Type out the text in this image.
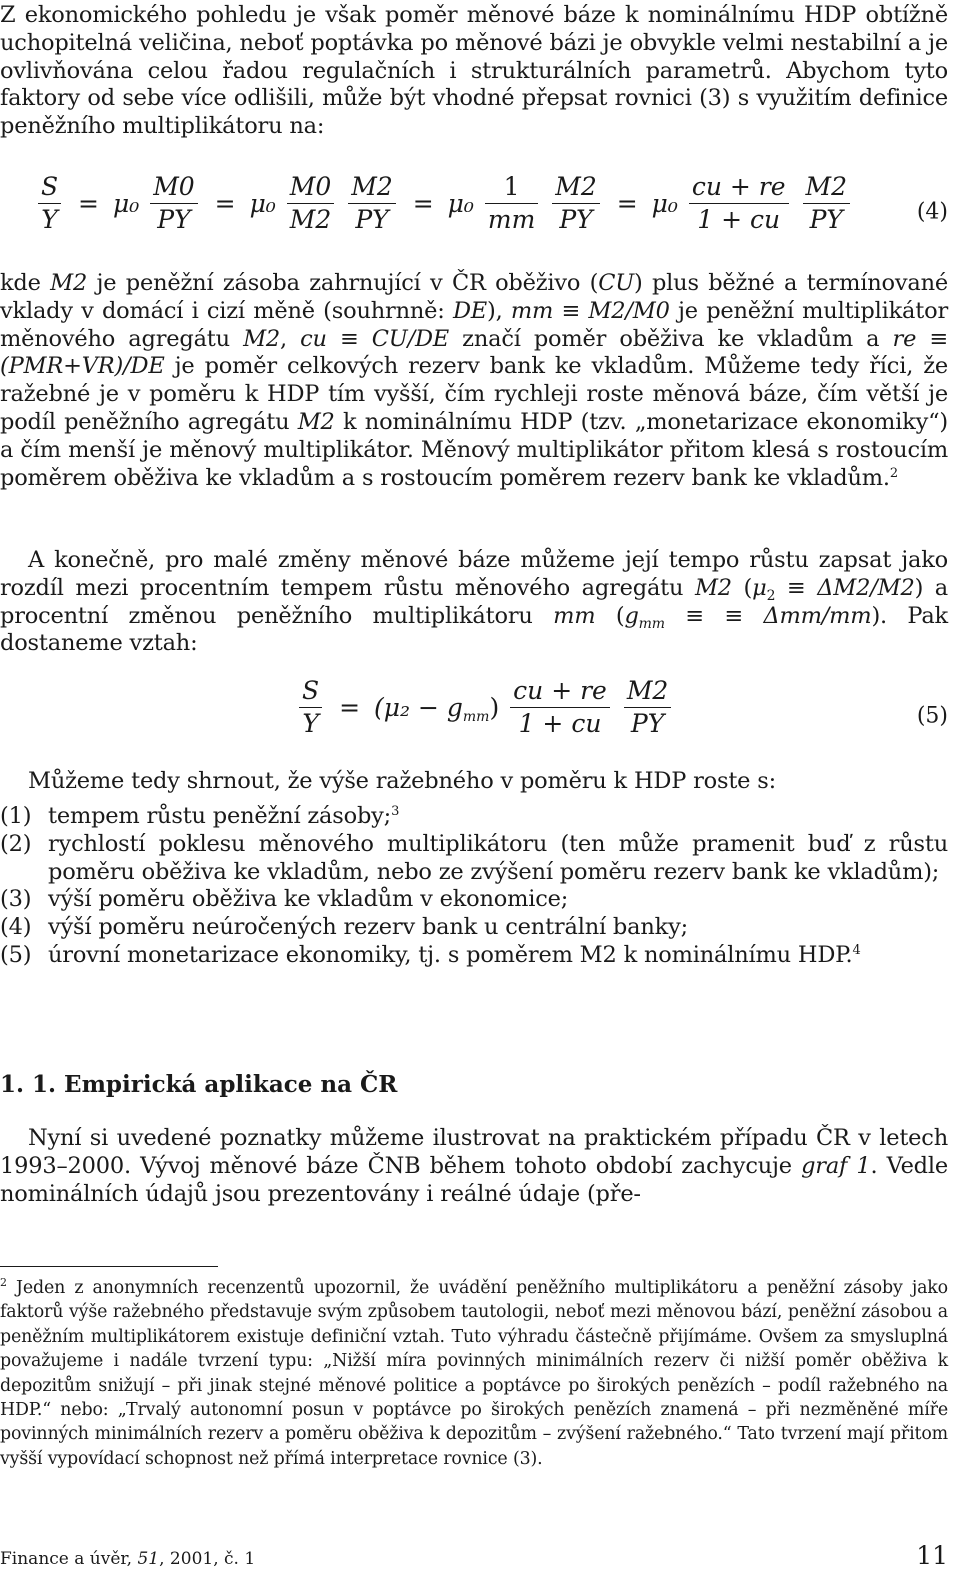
Z ekonomického pohledu je však poměr měnové báze k nominálnímu HDP obtížně uchopitelná veličina, neboť poptávka po měnové bázi je obvykle velmi nestabilní a je ovlivňována celou řadou regulačních i strukturálních parametrů. Abychom tyto faktory od sebe více odlišili, může být vhodné přepsat rovnici (3) s využitím definice peněžního multiplikátoru na:

$\frac{S}{Y} = \mu_0 \frac{M0}{PY} = \mu_0 \frac{M0}{M2}$
$\frac{M2}{PY} = \mu_0 \frac{1}{mm}$
$\frac{M2}{PY} = \mu_0 \frac{cu + re}{1 + cu}$
$\frac{M2}{PY}$	(4)

kde M2 je peněžní zásoba zahrnující v ČR oběživo (CU) plus běžné a termínované vklady v domácí i cizí měně (souhrnně: DE), mm ≡ M2/M0 je peněžní multiplikátor měnového agregátu M2, cu ≡ CU/DE značí poměr oběživa ke vkladům a re ≡ (PMR+VR)/DE je poměr celkových rezerv bank ke vkladům. Můžeme tedy říci, že ražebné je v poměru k HDP tím vyšší, čím rychleji roste měnová báze, čím větší je podíl peněžního agregátu M2 k nominálnímu HDP (tzv. „monetarizace ekonomiky“) a čím menší je měnový multiplikátor. Měnový multiplikátor přitom klesá s rostoucím poměrem oběživa ke vkladům a s rostoucím poměrem rezerv bank ke vkladům.$^2$

A konečně, pro malé změny měnové báze můžeme její tempo růstu zapsat jako rozdíl mezi procentním tempem růstu měnového agregátu M2 $(\mu_2 \equiv \Delta M2/M2)$ a procentní změnou peněžního multiplikátoru mm ($g_{mm}$ ≡ ≡ Δmm/mm). Pak dostaneme vztah:

$\frac{S}{Y} = (\mu_2 - g_{mm}) \frac{cu + re}{1 + cu}$
$\frac{M2}{PY}$	(5)

Můžeme tedy shrnout, že výše ražebného v poměru k HDP roste s:

(1) tempem růstu peněžní zásoby;$^3$
(2) rychlostí poklesu měnového multiplikátoru (ten může pramenit buď z růstu poměru oběživa ke vkladům, nebo ze zvýšení poměru rezerv bank ke vkladům);
(3) výší poměru oběživa ke vkladům v ekonomice;
(4) výší poměru neúročených rezerv bank u centrální banky;
(5) úrovní monetarizace ekonomiky, tj. s poměrem M2 k nominálnímu HDP.$^4$
1. 1. Empirická aplikace na ČR

Nyní si uvedené poznatky můžeme ilustrovat na praktickém případu ČR v letech 1993–2000. Vývoj měnové báze ČNB během tohoto období zachycuje graf 1. Vedle nominálních údajů jsou prezentovány i reálné údaje (pře-

$^2$ Jeden z anonymních recenzentů upozornil, že uvádění peněžního multiplikátoru a peněžní zásoby jako faktorů výše ražebného představuje svým způsobem tautologii, neboť mezi měnovou bází, peněžní zásobou a peněžním multiplikátorem existuje definiční vztah. Tuto výhradu částečně přijímáme. Ovšem za smysluplná považujeme i nadále tvrzení typu: „Nižší míra povinných minimálních rezerv či nižší poměr oběživa k depozitům snižují – při jinak stejné měnové politice a poptávce po širokých penězích – podíl ražebného na HDP.“ nebo: „Trvalý autonomní posun v poptávce po širokých penězích znamená – při nezměněné míře povinných minimálních rezerv a poměru oběživa k depozitům – zvýšení ražebného.“ Tato tvrzení mají přitom vyšší vypovídací schopnost než přímá interpretace rovnice (3).

Finance a úvěr, 51, 2001, č. 1	11
